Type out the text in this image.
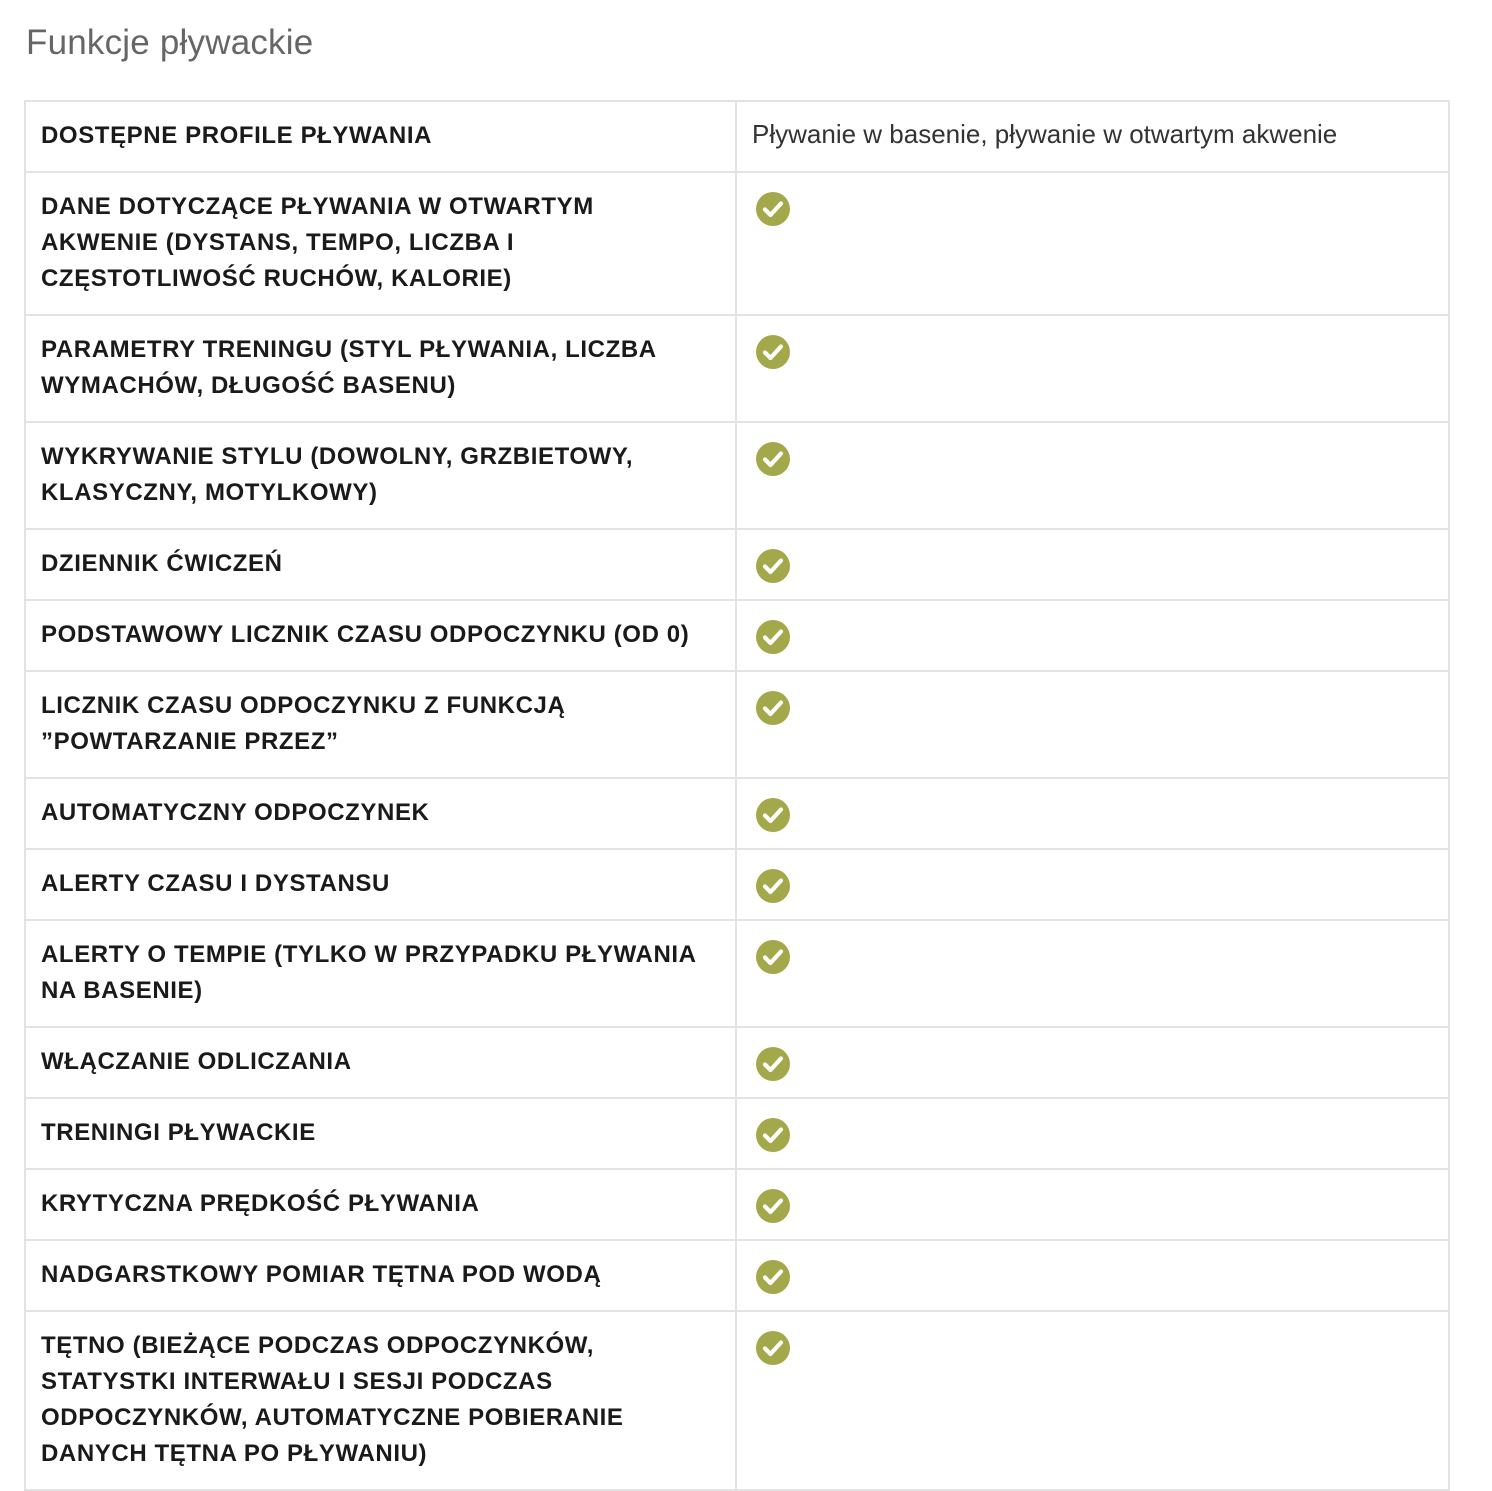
Funkcje pływackie
DOSTĘPNE PROFILE PŁYWANIA	Pływanie w basenie, pływanie w otwartym akwenie
DANE DOTYCZĄCE PŁYWANIA W OTWARTYM AKWENIE (DYSTANS, TEMPO, LICZBA I CZĘSTOTLIWOŚĆ RUCHÓW, KALORIE)	

PARAMETRY TRENINGU (STYL PŁYWANIA, LICZBA WYMACHÓW, DŁUGOŚĆ BASENU)	

WYKRYWANIE STYLU (DOWOLNY, GRZBIETOWY, KLASYCZNY, MOTYLKOWY)	

DZIENNIK ĆWICZEŃ	

PODSTAWOWY LICZNIK CZASU ODPOCZYNKU (OD 0)	

LICZNIK CZASU ODPOCZYNKU Z FUNKCJĄ ”POWTARZANIE PRZEZ”	

AUTOMATYCZNY ODPOCZYNEK	

ALERTY CZASU I DYSTANSU	

ALERTY O TEMPIE (TYLKO W PRZYPADKU PŁYWANIA NA BASENIE)	

WŁĄCZANIE ODLICZANIA	

TRENINGI PŁYWACKIE	

KRYTYCZNA PRĘDKOŚĆ PŁYWANIA	

NADGARSTKOWY POMIAR TĘTNA POD WODĄ	

TĘTNO (BIEŻĄCE PODCZAS ODPOCZYNKÓW, STATYSTKI INTERWAŁU I SESJI PODCZAS ODPOCZYNKÓW, AUTOMATYCZNE POBIERANIE DANYCH TĘTNA PO PŁYWANIU)	
